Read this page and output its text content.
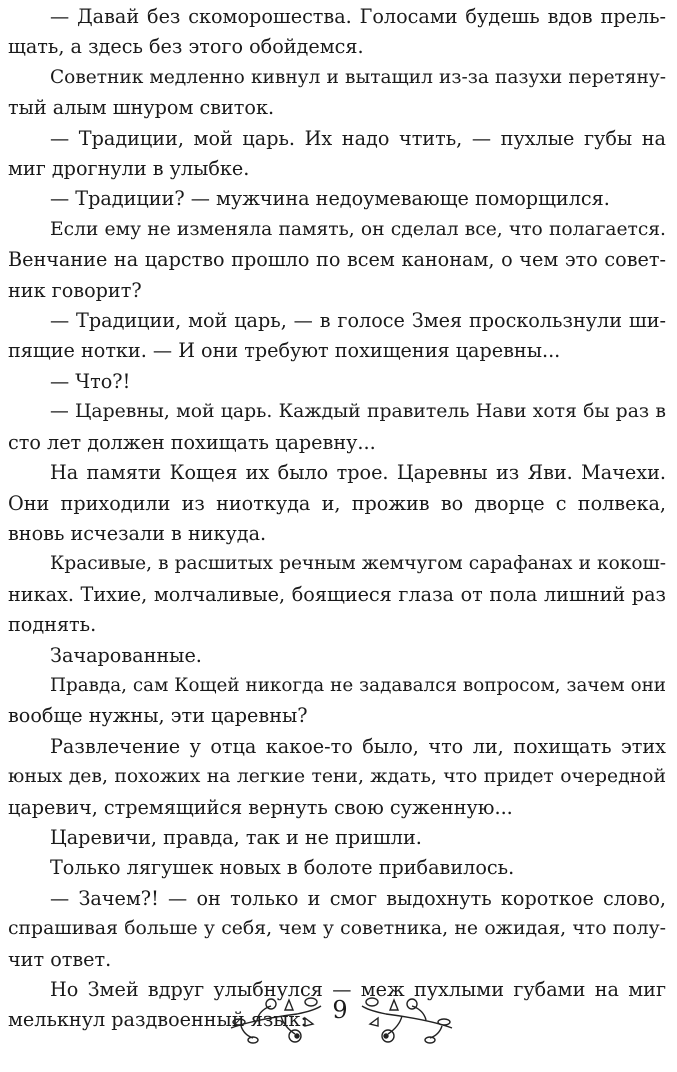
— Давай без скоморошества. Голосами будешь вдов прель-
щать, а здесь без этого обойдемся.
Советник медленно кивнул и вытащил из-за пазухи перетяну-
тый алым шнуром свиток.
— Традиции, мой царь. Их надо чтить, — пухлые губы на
миг дрогнули в улыбке.
— Традиции? — мужчина недоумевающе поморщился.
Если ему не изменяла память, он сделал все, что полагается.
Венчание на царство прошло по всем канонам, о чем это совет-
ник говорит?
— Традиции, мой царь, — в голосе Змея проскользнули ши-
пящие нотки. — И они требуют похищения царевны...
— Что?!
— Царевны, мой царь. Каждый правитель Нави хотя бы раз в
сто лет должен похищать царевну...
На памяти Кощея их было трое. Царевны из Яви. Мачехи.
Они приходили из ниоткуда и, прожив во дворце с полвека,
вновь исчезали в никуда.
Красивые, в расшитых речным жемчугом сарафанах и кокош-
никах. Тихие, молчаливые, боящиеся глаза от пола лишний раз
поднять.
Зачарованные.
Правда, сам Кощей никогда не задавался вопросом, зачем они
вообще нужны, эти царевны?
Развлечение у отца какое-то было, что ли, похищать этих
юных дев, похожих на легкие тени, ждать, что придет очередной
царевич, стремящийся вернуть свою суженную...
Царевичи, правда, так и не пришли.
Только лягушек новых в болоте прибавилось.
— Зачем?! — он только и смог выдохнуть короткое слово,
спрашивая больше у себя, чем у советника, не ожидая, что полу-
чит ответ.
Но Змей вдруг улыбнулся — меж пухлыми губами на миг
мелькнул раздвоенный язык:	9
